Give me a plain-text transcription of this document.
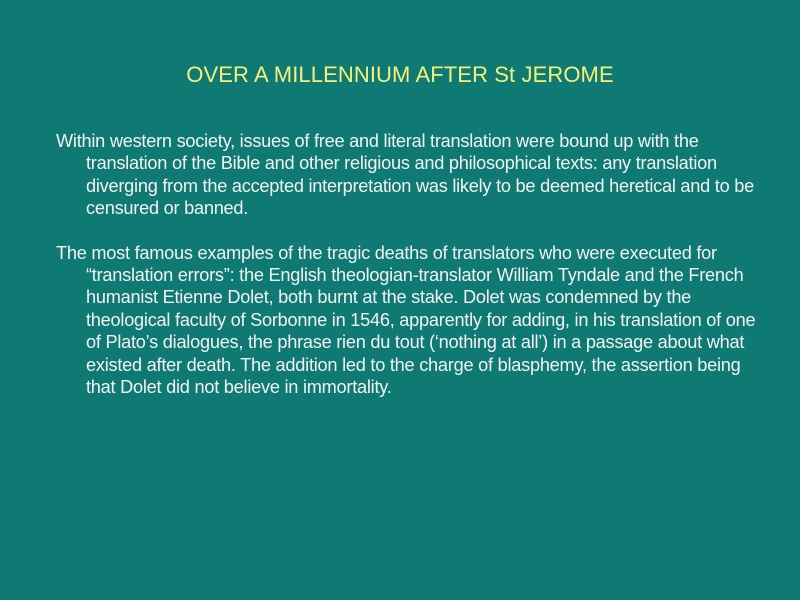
OVER A MILLENNIUM AFTER St JEROME

Within western society, issues of free and literal translation were bound up with the translation of the Bible and other religious and philosophical texts: any translation diverging from the accepted interpretation was likely to be deemed heretical and to be censured or banned.

The most famous examples of the tragic deaths of translators who were executed for “translation errors”: the English theologian-translator William Tyndale and the French humanist Etienne Dolet, both burnt at the stake. Dolet was condemned by the theological faculty of Sorbonne in 1546, apparently for adding, in his translation of one of Plato’s dialogues, the phrase rien du tout (‘nothing at all’) in a passage about what existed after death. The addition led to the charge of blasphemy, the assertion being that Dolet did not believe in immortality.
